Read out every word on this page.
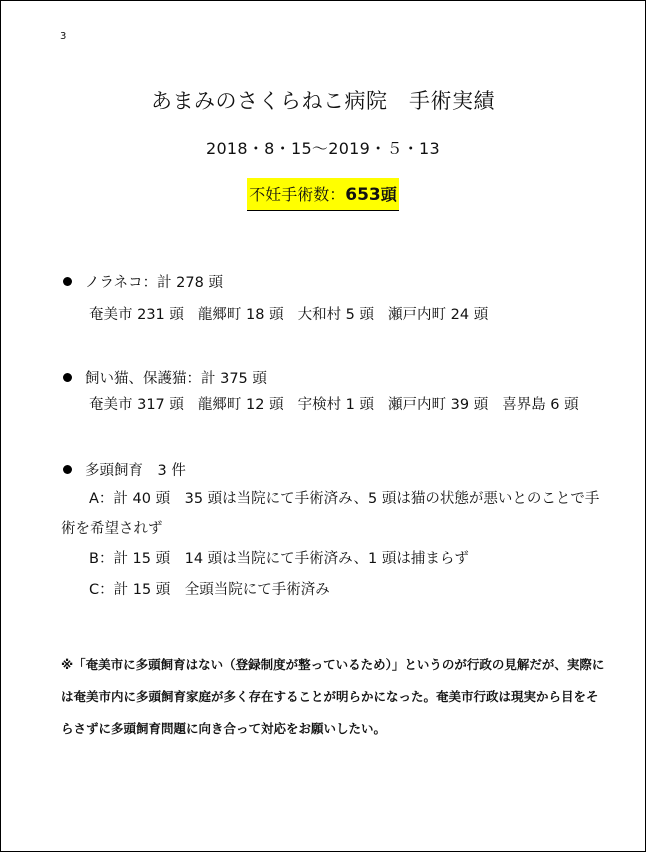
3
あまみのさくらねこ病院　手術実績
2018・8・15～2019・５・13
不妊手術数：653頭
ノラネコ：計 278 頭
奄美市 231 頭 龍郷町 18 頭 大和村 5 頭 瀬戸内町 24 頭
飼い猫、保護猫：計 375 頭
奄美市 317 頭 龍郷町 12 頭 宇検村 1 頭 瀬戸内町 39 頭 喜界島 6 頭
多頭飼育　3 件
A：計 40 頭　35 頭は当院にて手術済み、5 頭は猫の状態が悪いとのことで手
術を希望されず
B：計 15 頭　14 頭は当院にて手術済み、1 頭は捕まらず
C：計 15 頭　全頭当院にて手術済み
※「奄美市に多頭飼育はない（登録制度が整っているため）」というのが行政の見解だが、実際に
は奄美市内に多頭飼育家庭が多く存在することが明らかになった。奄美市行政は現実から目をそ
らさずに多頭飼育問題に向き合って対応をお願いしたい。
